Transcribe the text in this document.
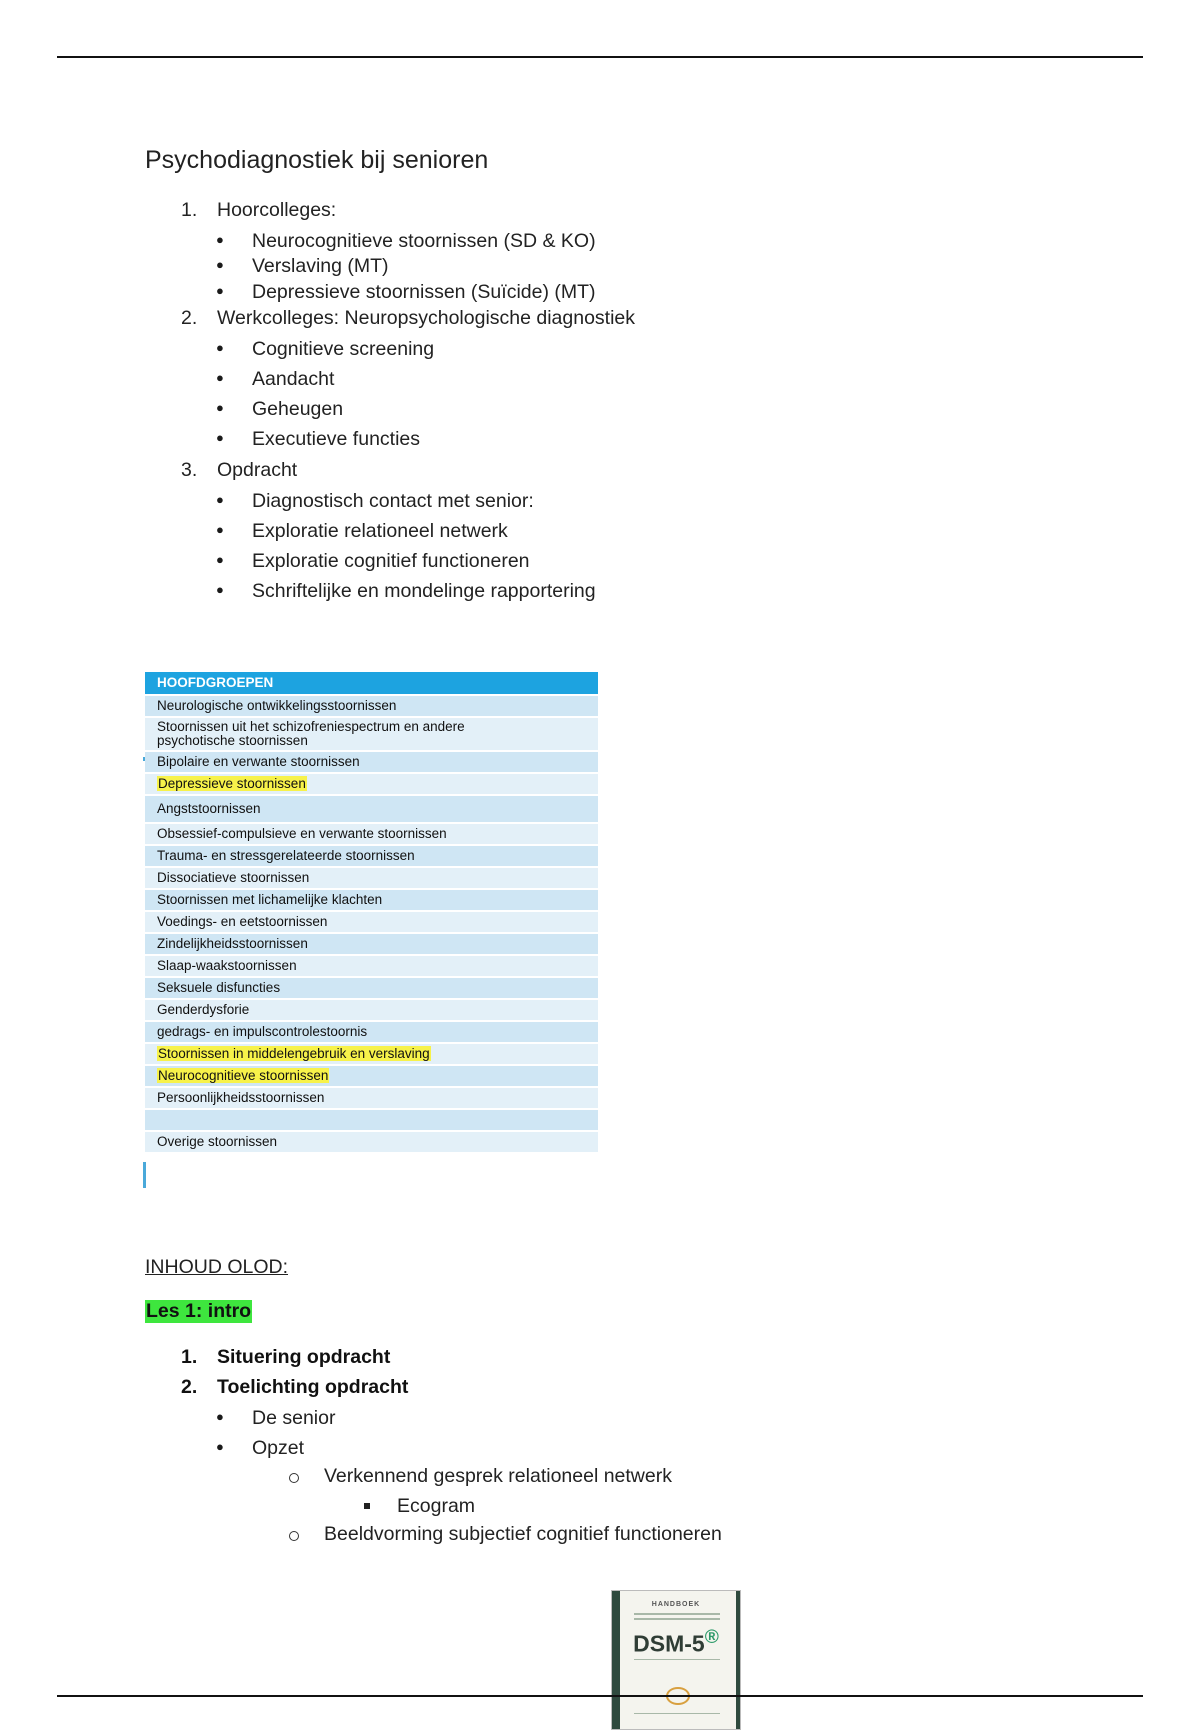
Psychodiagnostiek bij senioren
1.	Hoorcolleges:
● Neurocognitieve stoornissen (SD & KO)
● Verslaving (MT)
● Depressieve stoornissen (Suïcide) (MT)
2.	Werkcolleges: Neuropsychologische diagnostiek
● Cognitieve screening
● Aandacht
● Geheugen
● Executieve functies
3.	Opdracht
● Diagnostisch contact met senior:
● Exploratie relationeel netwerk
● Exploratie cognitief functioneren
● Schriftelijke en mondelinge rapportering
HOOFDGROEPEN
Neurologische ontwikkelingsstoornissen
Stoornissen uit het schizofreniespectrum en andere psychotische stoornissen
Bipolaire en verwante stoornissen
Depressieve stoornissen
Angststoornissen
Obsessief-compulsieve en verwante stoornissen
Trauma- en stressgerelateerde stoornissen
Dissociatieve stoornissen
Stoornissen met lichamelijke klachten
Voedings- en eetstoornissen
Zindelijkheidsstoornissen
Slaap-waakstoornissen
Seksuele disfuncties
Genderdysforie
gedrags- en impulscontrolestoornis
Stoornissen in middelengebruik en verslaving
Neurocognitieve stoornissen
Persoonlijkheidsstoornissen
Overige stoornissen
HANDBOEK
DSM-5®
INHOUD OLOD:
Les 1: intro
1.	Situering opdracht
2.	Toelichting opdracht
● De senior
● Opzet
Verkennend gesprek relationeel netwerk
Ecogram
Beeldvorming subjectief cognitief functioneren
